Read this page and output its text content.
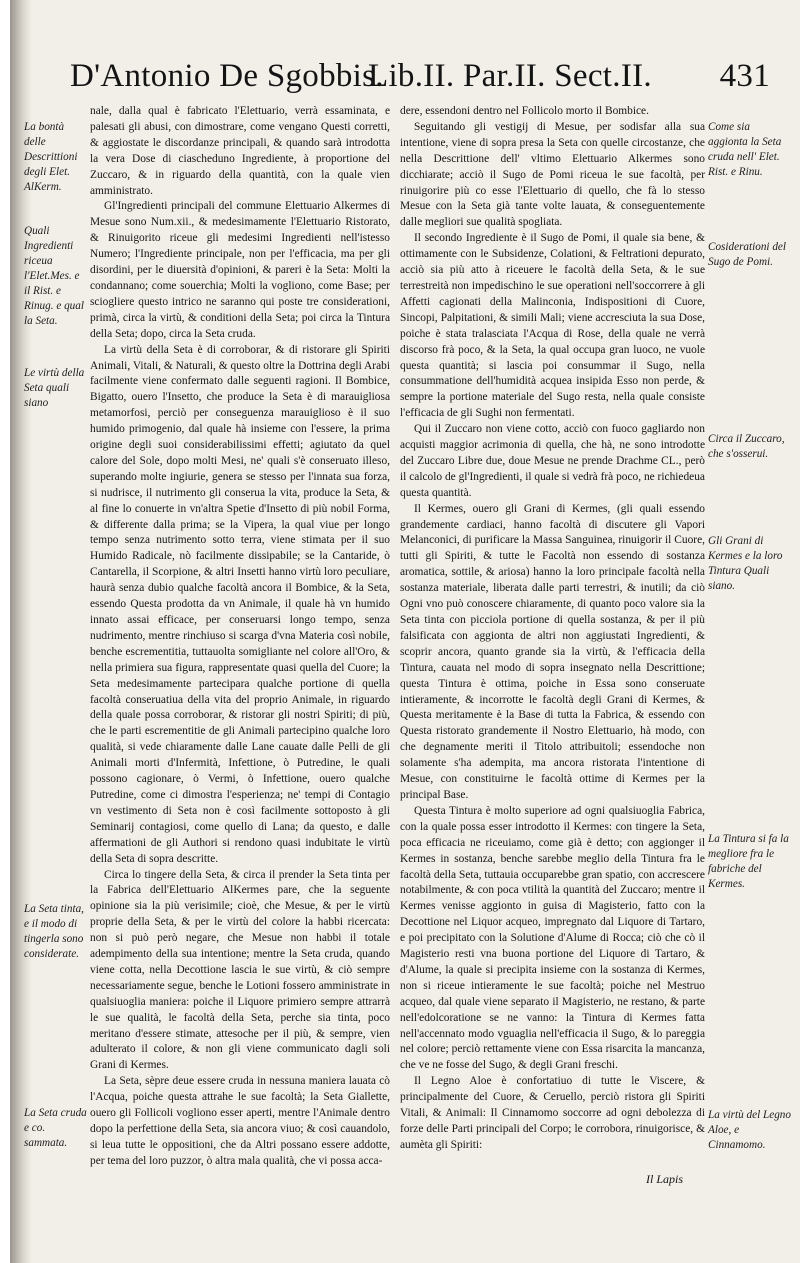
D'Antonio De Sgobbis.
Lib.II. Par.II. Sect.II. 431
La bontà delle Descrittioni degli Elet. AlKerm.
Quali Ingredienti riceua l'Elet.Mes. e il Rist. e Rinug. e qual la Seta.
Le virtù della Seta quali siano
La Seta tinta, e il modo di tingerla sono considerate.
La Seta cruda e co. sammata.

nale, dalla qual è fabricato l'Elettuario, verrà essaminata, e palesati gli abusi, con dimostrare, come vengano Questi corretti, & aggiostate le discordanze principali, & quando sarà introdotta la vera Dose di ciascheduno Ingrediente, à proportione del Zuccaro, & in riguardo della quantità, con la quale vien amministrato.

Gl'Ingredienti principali del commune Elettuario Alkermes di Mesue sono Num.xii., & medesimamente l'Elettuario Ristorato, & Rinuigorito riceue gli medesimi Ingredienti nell'istesso Numero; l'Ingrediente principale, non per l'efficacia, ma per gli disordini, per le diuersità d'opinioni, & pareri è la Seta: Molti la condannano; come souerchia; Molti la vogliono, come Base; per sciogliere questo intrico ne saranno qui poste tre considerationi, primà, circa la virtù, & conditioni della Seta; poi circa la Tintura della Seta; dopo, circa la Seta cruda.

La virtù della Seta è di corroborar, & di ristorare gli Spiriti Animali, Vitali, & Naturali, & questo oltre la Dottrina degli Arabi facilmente viene confermato dalle seguenti ragioni. Il Bombice, Bigatto, ouero l'Insetto, che produce la Seta è di marauigliosa metamorfosi, perciò per conseguenza marauiglioso è il suo humido primogenio, dal quale hà insieme con l'essere, la prima origine degli suoi considerabilissimi effetti; agiutato da quel calore del Sole, dopo molti Mesi, ne' quali s'è conseruato illeso, superando molte ingiurie, genera se stesso per l'innata sua forza, si nudrisce, il nutrimento gli conserua la vita, produce la Seta, & al fine lo conuerte in vn'altra Spetie d'Insetto di più nobil Forma, & differente dalla prima; se la Vipera, la qual viue per longo tempo senza nutrimento sotto terra, viene stimata per il suo Humido Radicale, nò facilmente dissipabile; se la Cantaride, ò Cantarella, il Scorpione, & altri Insetti hanno virtù loro peculiare, haurà senza dubio qualche facoltà ancora il Bombice, & la Seta, essendo Questa prodotta da vn Animale, il quale hà vn humido innato assai efficace, per conseruarsi longo tempo, senza nudrimento, mentre rinchiuso si scarga d'vna Materia così nobile, benche escrementitia, tuttauolta somigliante nel colore all'Oro, & nella primiera sua figura, rappresentate quasi quella del Cuore; la Seta medesimamente partecipara qualche portione di quella facoltà conseruatiua della vita del proprio Animale, in riguardo della quale possa corroborar, & ristorar gli nostri Spiriti; di più, che le parti escrementitie de gli Animali partecipino qualche loro qualità, si vede chiaramente dalle Lane cauate dalle Pelli de gli Animali morti d'Infermità, Infettione, ò Putredine, le quali possono cagionare, ò Vermi, ò Infettione, ouero qualche Putredine, come ci dimostra l'esperienza; ne' tempi di Contagio vn vestimento di Seta non è così facilmente sottoposto à gli Seminarij contagiosi, come quello di Lana; da questo, e dalle affermationi de gli Authori si rendono quasi indubitate le virtù della Seta di sopra descritte.

Circa lo tingere della Seta, & circa il prender la Seta tinta per la Fabrica dell'Elettuario AlKermes pare, che la seguente opinione sia la più verisimile; cioè, che Mesue, & per le virtù proprie della Seta, & per le virtù del colore la habbi ricercata: non si può però negare, che Mesue non habbi il totale adempimento della sua intentione; mentre la Seta cruda, quando viene cotta, nella Decottione lascia le sue virtù, & ciò sempre necessariamente segue, benche le Lotioni fossero amministrate in qualsiuoglia maniera: poiche il Liquore primiero sempre attrarrà le sue qualità, le facoltà della Seta, perche sia tinta, poco meritano d'essere stimate, attesoche per il più, & sempre, vien adulterato il colore, & non gli viene communicato dagli soli Grani di Kermes.

La Seta, sèpre deue essere cruda in nessuna maniera lauata cò l'Acqua, poiche questa attrahe le sue facoltà; la Seta Giallette, ouero gli Follicoli vogliono esser aperti, mentre l'Animale dentro dopo la perfettione della Seta, sia ancora viuo; & così cauandolo, si leua tutte le oppositioni, che da Altri possano essere addotte, per tema del loro puzzor, ò altra mala qualità, che vi possa acca-

dere, essendoni dentro nel Follicolo morto il Bombice.

Seguitando gli vestigij di Mesue, per sodisfar alla sua intentione, viene di sopra presa la Seta con quelle circostanze, che nella Descrittione dell' vltimo Elettuario Alkermes sono dicchiarate; acciò il Sugo de Pomi riceua le sue facoltà, per rinuigorire più co esse l'Elettuario di quello, che fà lo stesso Mesue con la Seta già tante volte lauata, & conseguentemente dalle megliori sue qualità spogliata.

Il secondo Ingrediente è il Sugo de Pomi, il quale sia bene, & ottimamente con le Subsidenze, Colationi, & Feltrationi depurato, acciò sia più atto à riceuere le facoltà della Seta, & le sue terrestreità non impedischino le sue operationi nell'soccorrere à gli Affetti cagionati della Malinconia, Indispositioni di Cuore, Sincopi, Palpitationi, & simili Mali; viene accresciuta la sua Dose, poiche è stata tralasciata l'Acqua di Rose, della quale ne verrà discorso frà poco, & la Seta, la qual occupa gran luoco, ne vuole questa quantità; si lascia poi consummar il Sugo, nella consummatione dell'humidità acquea insipida Esso non perde, & sempre la portione materiale del Sugo resta, nella quale consiste l'efficacia de gli Sughi non fermentati.

Qui il Zuccaro non viene cotto, acciò con fuoco gagliardo non acquisti maggior acrimonia di quella, che hà, ne sono introdotte del Zuccaro Libre due, doue Mesue ne prende Drachme CL., però il calcolo de gl'Ingredienti, il quale si vedrà frà poco, ne richiedeua questa quantità.

Il Kermes, ouero gli Grani di Kermes, (gli quali essendo grandemente cardiaci, hanno facoltà di discutere gli Vapori Melanconici, di purificare la Massa Sanguinea, rinuigorir il Cuore, tutti gli Spiriti, & tutte le Facoltà non essendo di sostanza aromatica, sottile, & ariosa) hanno la loro principale facoltà nella sostanza materiale, liberata dalle parti terrestri, & inutili; da ciò Ogni vno può conoscere chiaramente, di quanto poco valore sia la Seta tinta con picciola portione di quella sostanza, & per il più falsificata con aggionta de altri non aggiustati Ingredienti, & scoprir ancora, quanto grande sia la virtù, & l'efficacia della Tintura, cauata nel modo di sopra insegnato nella Descrittione; questa Tintura è ottima, poiche in Essa sono conseruate intieramente, & incorrotte le facoltà degli Grani di Kermes, & Questa meritamente è la Base di tutta la Fabrica, & essendo con Questa ristorato grandemente il Nostro Elettuario, hà modo, con che degnamente meriti il Titolo attribuitoli; essendoche non solamente s'ha adempita, ma ancora ristorata l'intentione di Mesue, con constituirne le facoltà ottime di Kermes per la principal Base.

Questa Tintura è molto superiore ad ogni qualsiuoglia Fabrica, con la quale possa esser introdotto il Kermes: con tingere la Seta, poca efficacia ne riceuiamo, come già è detto; con aggionger il Kermes in sostanza, benche sarebbe meglio della Tintura fra le facoltà della Seta, tuttauia occuparebbe gran spatio, con accrescere notabilmente, & con poca vtilità la quantità del Zuccaro; mentre il Kermes venisse aggionto in guisa di Magisterio, fatto con la Decottione nel Liquor acqueo, impregnato dal Liquore di Tartaro, e poi precipitato con la Solutione d'Alume di Rocca; ciò che cò il Magisterio resti vna buona portione del Liquore di Tartaro, & d'Alume, la quale si precipita insieme con la sostanza di Kermes, non si riceue intieramente le sue facoltà; poiche nel Mestruo acqueo, dal quale viene separato il Magisterio, ne restano, & parte nell'edolcoratione se ne vanno: la Tintura di Kermes fatta nell'accennato modo vguaglia nell'efficacia il Sugo, & lo pareggia nel colore; perciò rettamente viene con Essa risarcita la mancanza, che ve ne fosse del Sugo, & degli Grani freschi.

Il Legno Aloe è confortatiuo di tutte le Viscere, & principalmente del Cuore, & Ceruello, perciò ristora gli Spiriti Vitali, & Animali: Il Cinnamomo soccorre ad ogni debolezza di forze delle Parti principali del Corpo; le corrobora, rinuigorisce, & aumèta gli Spiriti:

Come sia aggionta la Seta cruda nell' Elet. Rist. e Rinu.
Cosiderationi del Sugo de Pomi.
Circa il Zuccaro, che s'osserui.
Gli Grani di Kermes e la loro Tintura Quali siano.
La Tintura si fa la megliore fra le fabriche del Kermes.
La virtù del Legno Aloe, e Cinnamomo.
Il Lapis
